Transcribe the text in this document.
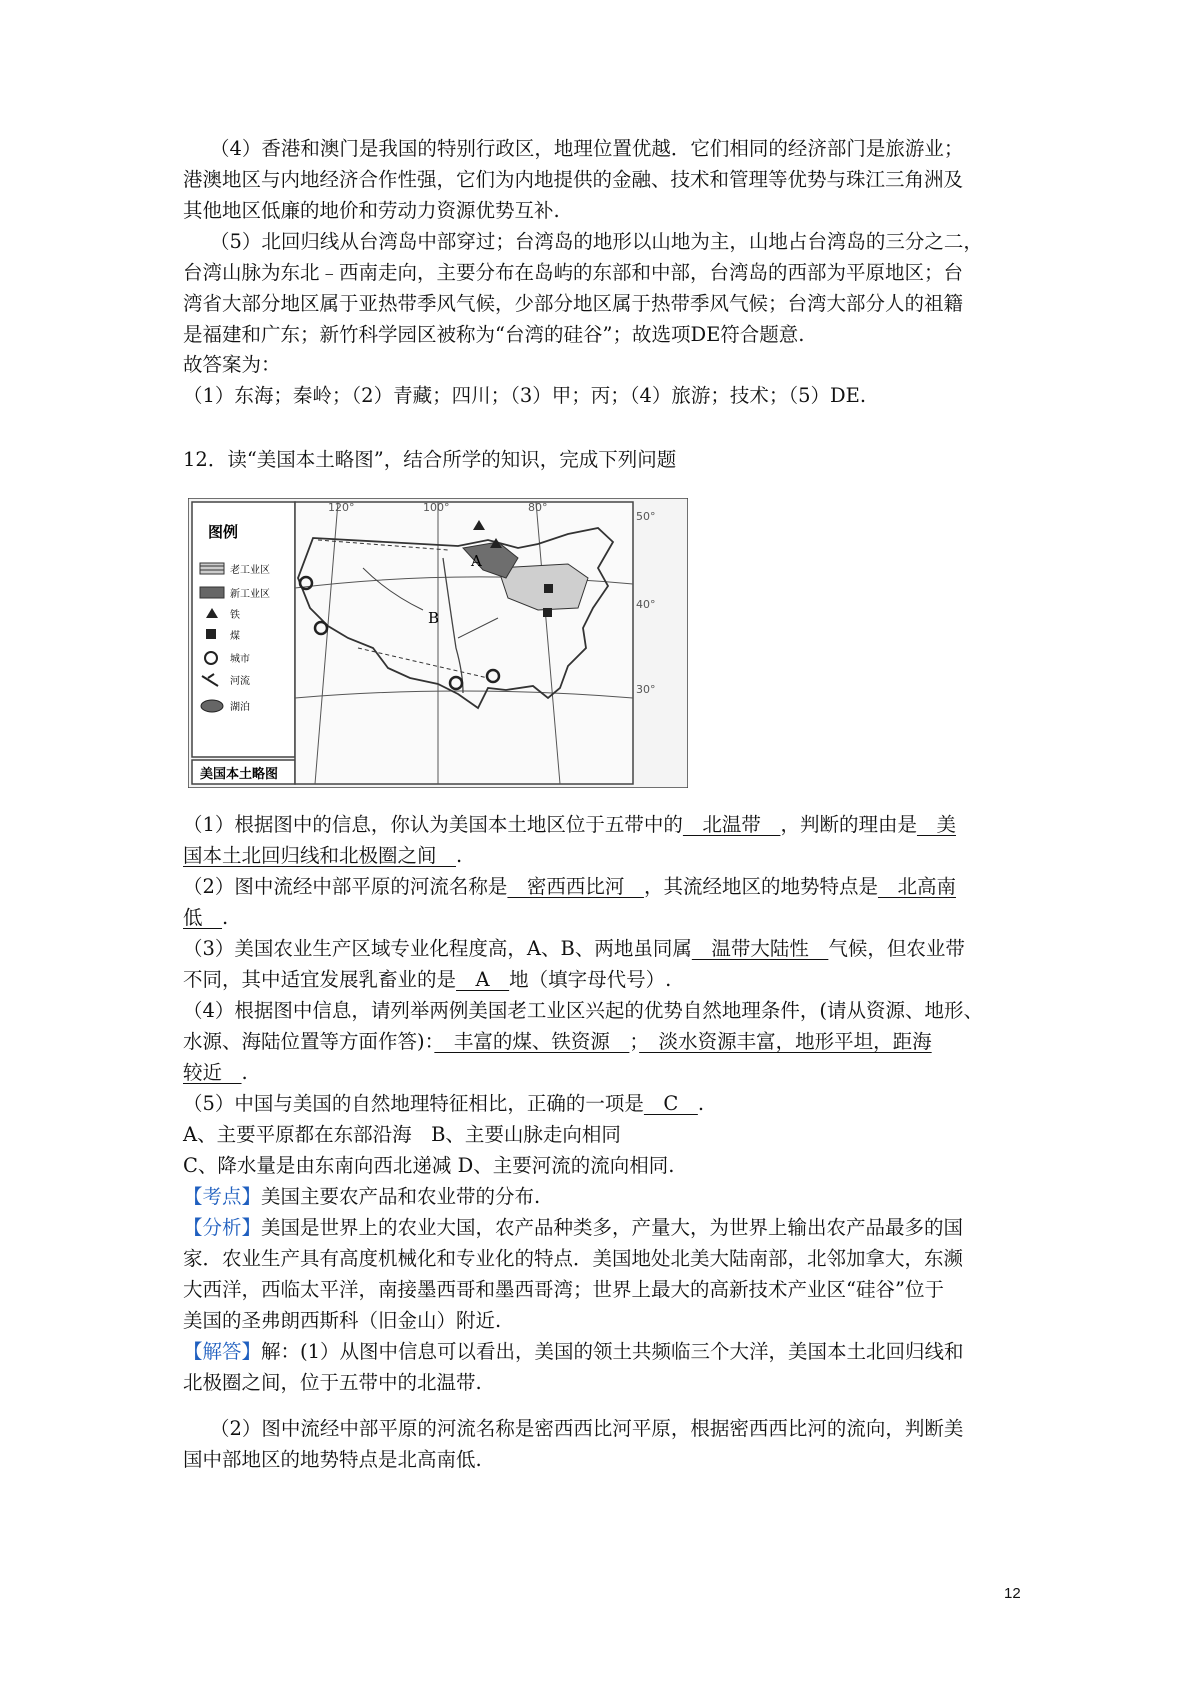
（4）香港和澳门是我国的特别行政区，地理位置优越．它们相同的经济部门是旅游业；
港澳地区与内地经济合作性强，它们为内地提供的金融、技术和管理等优势与珠江三角洲及
其他地区低廉的地价和劳动力资源优势互补.
（5）北回归线从台湾岛中部穿过；台湾岛的地形以山地为主，山地占台湾岛的三分之二，
台湾山脉为东北﹣西南走向，主要分布在岛屿的东部和中部，台湾岛的西部为平原地区；台
湾省大部分地区属于亚热带季风气候，少部分地区属于热带季风气候；台湾大部分人的祖籍
是福建和广东；新竹科学园区被称为“台湾的硅谷”；故选项DE符合题意.
故答案为：
（1）东海；秦岭；（2）青藏；四川；（3）甲；丙；（4）旅游；技术；（5）DE.
12．读“美国本土略图”，结合所学的知识，完成下列问题
图例
老工业区
新工业区
铁
煤
城市
河流
湖泊
美国本土略图
120°	100°	80°
50°
40°
30°
A
B
（1）根据图中的信息，你认为美国本土地区位于五带中的　北温带　，判断的理由是　美
国本土北回归线和北极圈之间　.
（2）图中流经中部平原的河流名称是　密西西比河　，其流经地区的地势特点是　北高南
低　.
（3）美国农业生产区域专业化程度高，A、B、两地虽同属　温带大陆性　气候，但农业带
不同，其中适宜发展乳畜业的是　A　地（填字母代号）.
（4）根据图中信息，请列举两例美国老工业区兴起的优势自然地理条件，(请从资源、地形、
水源、海陆位置等方面作答)：　丰富的煤、铁资源　；　淡水资源丰富，地形平坦，距海
较近　.
（5）中国与美国的自然地理特征相比，正确的一项是　C　.
A、主要平原都在东部沿海　B、主要山脉走向相同
C、降水量是由东南向西北递减 D、主要河流的流向相同.
【考点】美国主要农产品和农业带的分布.
【分析】美国是世界上的农业大国，农产品种类多，产量大，为世界上输出农产品最多的国
家．农业生产具有高度机械化和专业化的特点．美国地处北美大陆南部，北邻加拿大，东濒
大西洋，西临太平洋，南接墨西哥和墨西哥湾；世界上最大的高新技术产业区“硅谷”位于
美国的圣弗朗西斯科（旧金山）附近.
【解答】解：(1）从图中信息可以看出，美国的领土共频临三个大洋，美国本土北回归线和
北极圈之间，位于五带中的北温带.
（2）图中流经中部平原的河流名称是密西西比河平原，根据密西西比河的流向，判断美
国中部地区的地势特点是北高南低.
12
